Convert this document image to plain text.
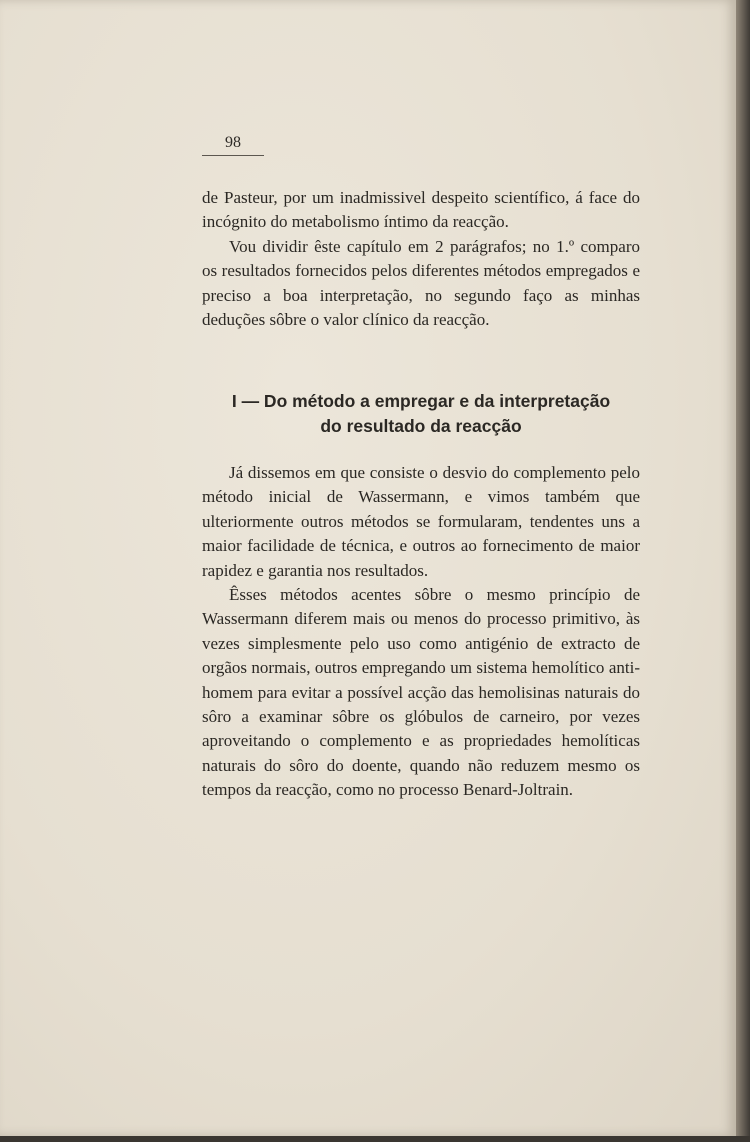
98

de Pasteur, por um inadmissivel despeito scientífico, á face do incógnito do metabolismo íntimo da reacção.

Vou dividir êste capítulo em 2 parágrafos; no 1.º comparo os resultados fornecidos pelos diferentes métodos empregados e preciso a boa interpretação, no segundo faço as minhas deduções sôbre o valor clínico da reacção.

I — Do método a empregar e da interpretação
do resultado da reacção

Já dissemos em que consiste o desvio do complemento pelo método inicial de Wassermann, e vimos também que ulteriormente outros métodos se formularam, tendentes uns a maior facilidade de técnica, e outros ao fornecimento de maior rapidez e garantia nos resultados.

Êsses métodos acentes sôbre o mesmo princípio de Wassermann diferem mais ou menos do processo primitivo, às vezes simplesmente pelo uso como antigénio de extracto de orgãos normais, outros empregando um sistema hemolítico anti-homem para evitar a possível acção das hemolisinas naturais do sôro a examinar sôbre os glóbulos de carneiro, por vezes aproveitando o complemento e as propriedades hemolíticas naturais do sôro do doente, quando não reduzem mesmo os tempos da reacção, como no processo Benard-Joltrain.
